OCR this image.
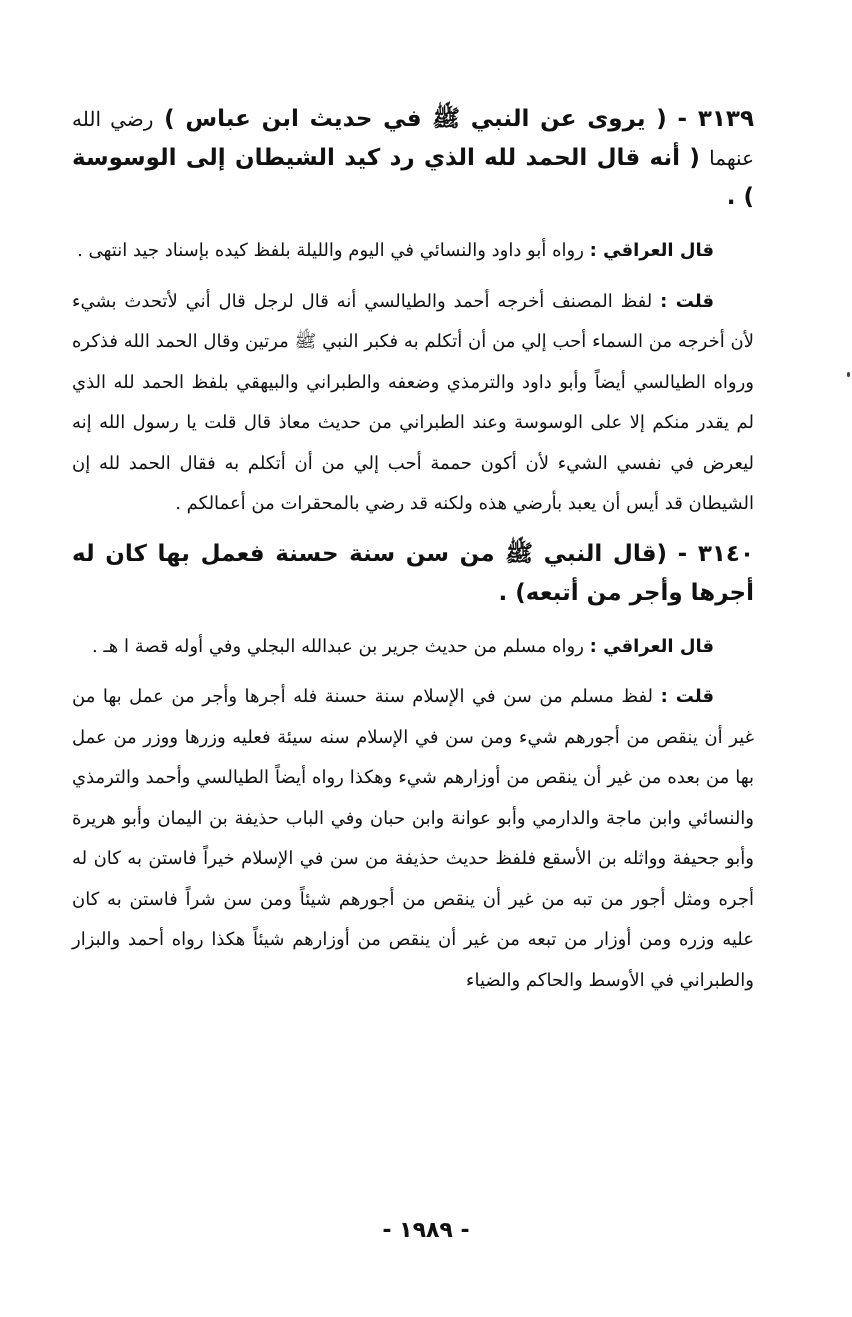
٣١٣٩ - ( يروى عن النبي ﷺ في حديث ابن عباس ) رضي الله عنهما ( أنه قال الحمد لله الذي رد كيد الشيطان إلى الوسوسة ) .

قال العراقي : رواه أبو داود والنسائي في اليوم والليلة بلفظ كيده بإسناد جيد انتهى .

قلت : لفظ المصنف أخرجه أحمد والطيالسي أنه قال لرجل قال أني لأتحدث بشيء لأن أخرجه من السماء أحب إلي من أن أتكلم به فكبر النبي ﷺ مرتين وقال الحمد الله فذكره ورواه الطيالسي أيضاً وأبو داود والترمذي وضعفه والطبراني والبيهقي بلفظ الحمد لله الذي لم يقدر منكم إلا على الوسوسة وعند الطبراني من حديث معاذ قال قلت يا رسول الله إنه ليعرض في نفسي الشيء لأن أكون حممة أحب إلي من أن أتكلم به فقال الحمد لله إن الشيطان قد أيس أن يعبد بأرضي هذه ولكنه قد رضي بالمحقرات من أعمالكم .

٣١٤٠ - (قال النبي ﷺ من سن سنة حسنة فعمل بها كان له أجرها وأجر من أتبعه) .

قال العراقي : رواه مسلم من حديث جرير بن عبدالله البجلي وفي أوله قصة ا هـ .

قلت : لفظ مسلم من سن في الإسلام سنة حسنة فله أجرها وأجر من عمل بها من غير أن ينقص من أجورهم شيء ومن سن في الإسلام سنه سيئة فعليه وزرها ووزر من عمل بها من بعده من غير أن ينقص من أوزارهم شيء وهكذا رواه أيضاً الطيالسي وأحمد والترمذي والنسائي وابن ماجة والدارمي وأبو عوانة وابن حبان وفي الباب حذيفة بن اليمان وأبو هريرة وأبو جحيفة وواثله بن الأسقع فلفظ حديث حذيفة من سن في الإسلام خيراً فاستن به كان له أجره ومثل أجور من تبه من غير أن ينقص من أجورهم شيئاً ومن سن شراً فاستن به كان عليه وزره ومن أوزار من تبعه من غير أن ينقص من أوزارهم شيئاً هكذا رواه أحمد والبزار والطبراني في الأوسط والحاكم والضياء

- ١٩٨٩ -
